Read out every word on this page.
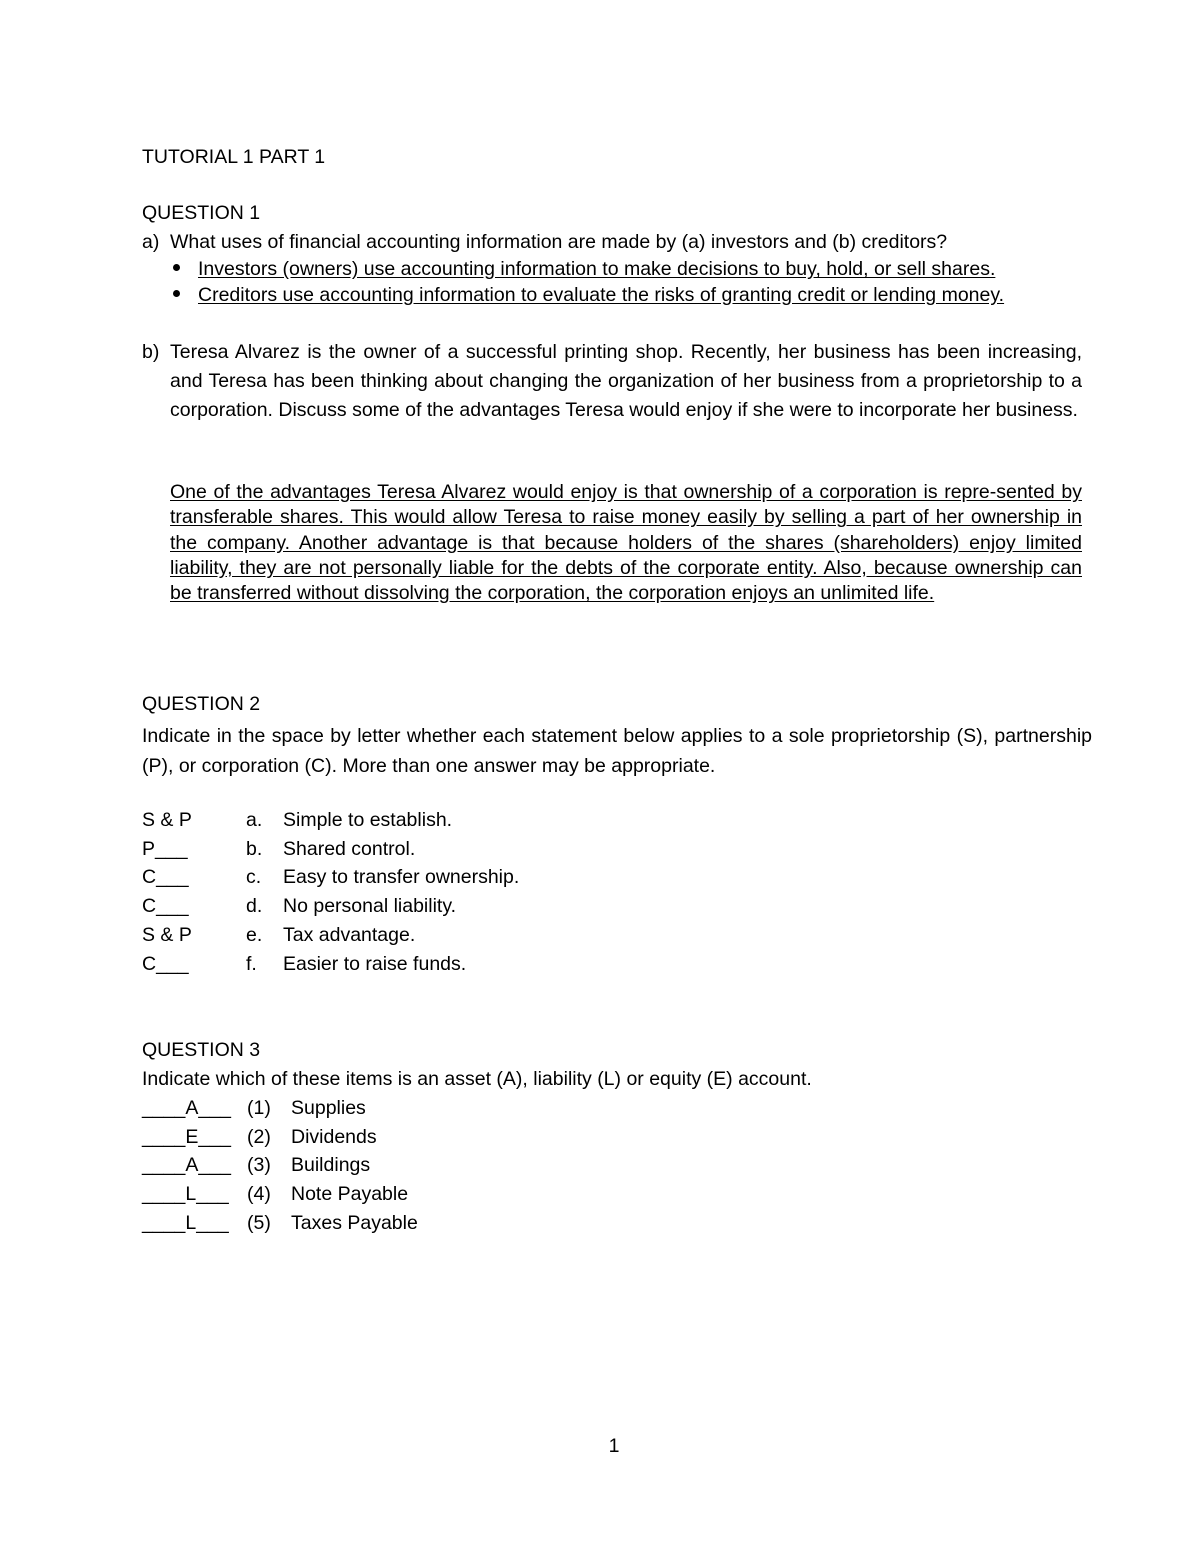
TUTORIAL 1 PART 1
QUESTION 1
a) What uses of financial accounting information are made by (a) investors and (b) creditors?
Investors (owners) use accounting information to make decisions to buy, hold, or sell shares.
Creditors use accounting information to evaluate the risks of granting credit or lending money.
b) Teresa Alvarez is the owner of a successful printing shop. Recently, her business has been increasing, and Teresa has been thinking about changing the organization of her business from a proprietorship to a corporation. Discuss some of the advantages Teresa would enjoy if she were to incorporate her business.
One of the advantages Teresa Alvarez would enjoy is that ownership of a corporation is repre-sented by transferable shares. This would allow Teresa to raise money easily by selling a part of her ownership in the company. Another advantage is that because holders of the shares (shareholders) enjoy limited liability, they are not personally liable for the debts of the corporate entity. Also, because ownership can be transferred without dissolving the corporation, the corporation enjoys an unlimited life.
QUESTION 2
Indicate in the space by letter whether each statement below applies to a sole proprietorship (S), partnership (P), or corporation (C). More than one answer may be appropriate.
S & P	a. Simple to establish.
P___	b. Shared control.
C___	c. Easy to transfer ownership.
C___	d. No personal liability.
S & P	e. Tax advantage.
C___	f. Easier to raise funds.
QUESTION 3
Indicate which of these items is an asset (A), liability (L) or equity (E) account.
____A___ (1) Supplies
____E___ (2) Dividends
____A___ (3) Buildings
____L___ (4) Note Payable
____L___ (5) Taxes Payable
1
